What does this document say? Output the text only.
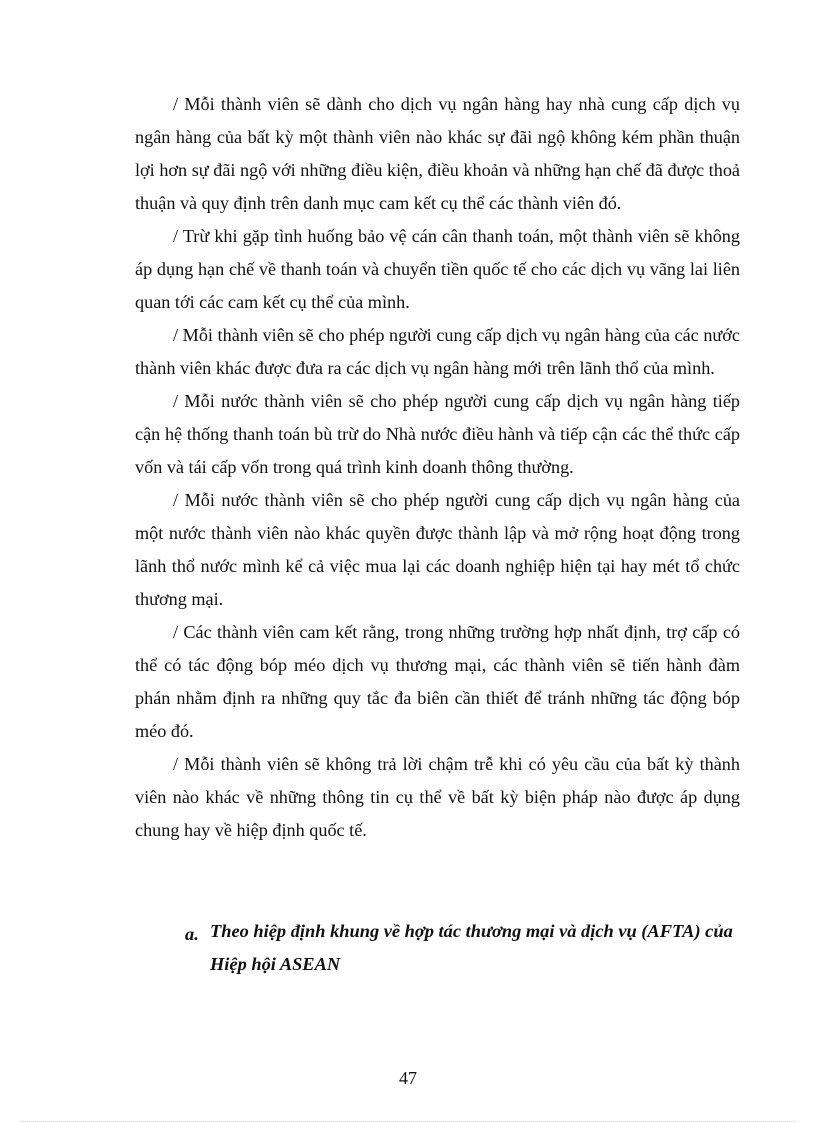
/ Mỗi thành viên sẽ dành cho dịch vụ ngân hàng hay nhà cung cấp dịch vụ ngân hàng của bất kỳ một thành viên nào khác sự đãi ngộ không kém phần thuận lợi hơn sự đãi ngộ với những điều kiện, điều khoản và những hạn chế đã được thoả thuận và quy định trên danh mục cam kết cụ thể các thành viên đó.

/ Trừ khi gặp tình huống bảo vệ cán cân thanh toán, một thành viên sẽ không áp dụng hạn chế về thanh toán và chuyển tiền quốc tế cho các dịch vụ vãng lai liên quan tới các cam kết cụ thể của mình.

/ Mỗi thành viên sẽ cho phép người cung cấp dịch vụ ngân hàng của các nước thành viên khác được đưa ra các dịch vụ ngân hàng mới trên lãnh thổ của mình.

/ Mỗi nước thành viên sẽ cho phép người cung cấp dịch vụ ngân hàng tiếp cận hệ thống thanh toán bù trừ do Nhà nước điều hành và tiếp cận các thể thức cấp vốn và tái cấp vốn trong quá trình kinh doanh thông thường.

/ Mỗi nước thành viên sẽ cho phép người cung cấp dịch vụ ngân hàng của một nước thành viên nào khác quyền được thành lập và mở rộng hoạt động trong lãnh thổ nước mình kể cả việc mua lại các doanh nghiệp hiện tại hay mét tổ chức thương mại.

/ Các thành viên cam kết rằng, trong những trường hợp nhất định, trợ cấp có thể có tác động bóp méo dịch vụ thương mại, các thành viên sẽ tiến hành đàm phán nhằm định ra những quy tắc đa biên cần thiết để tránh những tác động bóp méo đó.

/ Mỗi thành viên sẽ không trả lời chậm trễ khi có yêu cầu của bất kỳ thành viên nào khác về những thông tin cụ thể về bất kỳ biện pháp nào được áp dụng chung hay về hiệp định quốc tế.

a. Theo hiệp định khung về hợp tác thương mại và dịch vụ (AFTA) của Hiệp hội ASEAN
47
